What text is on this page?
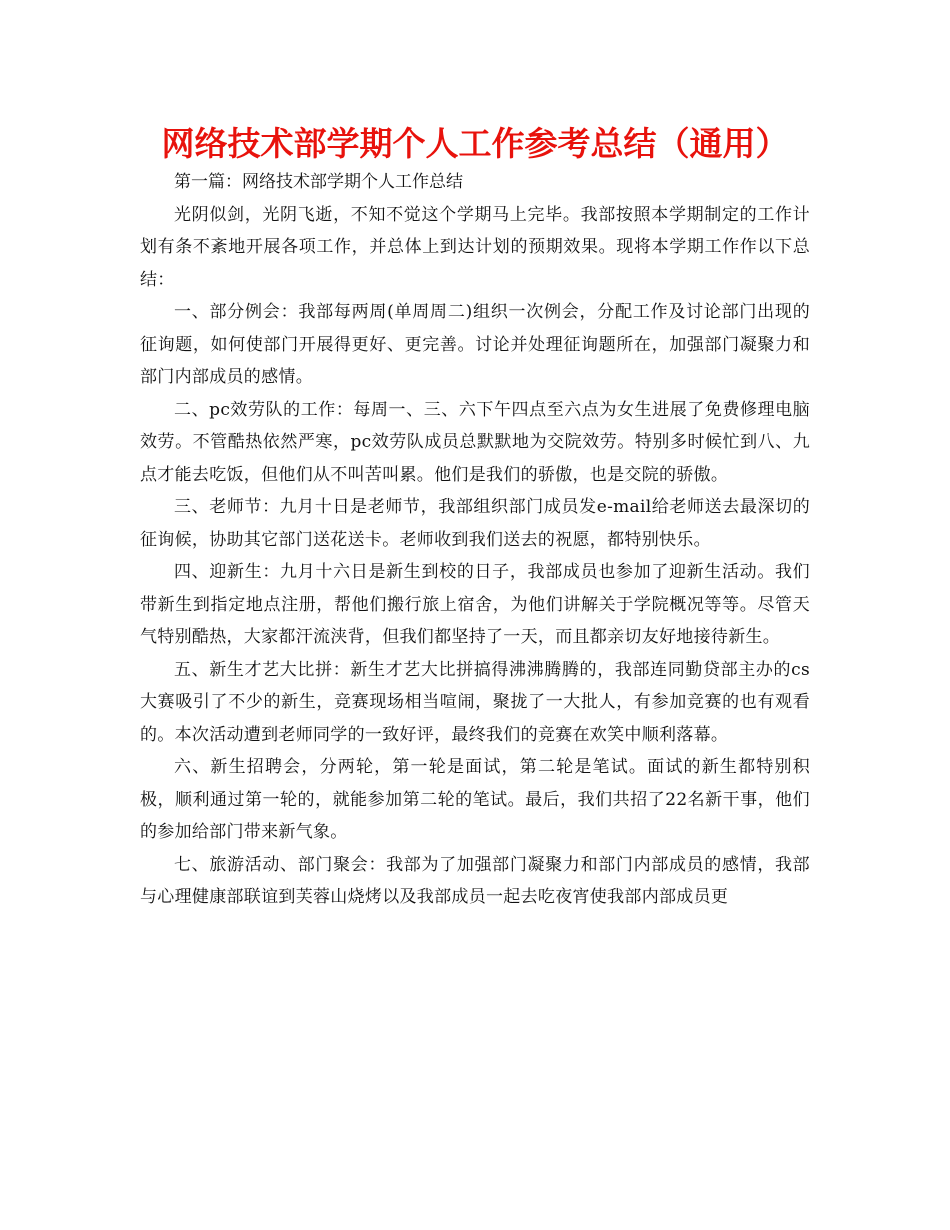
网络技术部学期个人工作参考总结（通用）

第一篇：网络技术部学期个人工作总结

光阴似剑，光阴飞逝，不知不觉这个学期马上完毕。我部按照本学期制定的工作计划有条不紊地开展各项工作，并总体上到达计划的预期效果。现将本学期工作作以下总结：

一、部分例会：我部每两周(单周周二)组织一次例会，分配工作及讨论部门出现的征询题，如何使部门开展得更好、更完善。讨论并处理征询题所在，加强部门凝聚力和部门内部成员的感情。

二、pc效劳队的工作：每周一、三、六下午四点至六点为女生进展了免费修理电脑效劳。不管酷热依然严寒，pc效劳队成员总默默地为交院效劳。特别多时候忙到八、九点才能去吃饭，但他们从不叫苦叫累。他们是我们的骄傲，也是交院的骄傲。

三、老师节：九月十日是老师节，我部组织部门成员发e-mail给老师送去最深切的征询候，协助其它部门送花送卡。老师收到我们送去的祝愿，都特别快乐。

四、迎新生：九月十六日是新生到校的日子，我部成员也参加了迎新生活动。我们带新生到指定地点注册，帮他们搬行旅上宿舍，为他们讲解关于学院概况等等。尽管天气特别酷热，大家都汗流浃背，但我们都坚持了一天，而且都亲切友好地接待新生。

五、新生才艺大比拼：新生才艺大比拼搞得沸沸腾腾的，我部连同勤贷部主办的cs大赛吸引了不少的新生，竞赛现场相当喧闹，聚拢了一大批人，有参加竞赛的也有观看的。本次活动遭到老师同学的一致好评，最终我们的竞赛在欢笑中顺利落幕。

六、新生招聘会，分两轮，第一轮是面试，第二轮是笔试。面试的新生都特别积极，顺利通过第一轮的，就能参加第二轮的笔试。最后，我们共招了22名新干事，他们的参加给部门带来新气象。

七、旅游活动、部门聚会：我部为了加强部门凝聚力和部门内部成员的感情，我部与心理健康部联谊到芙蓉山烧烤以及我部成员一起去吃夜宵使我部内部成员更
